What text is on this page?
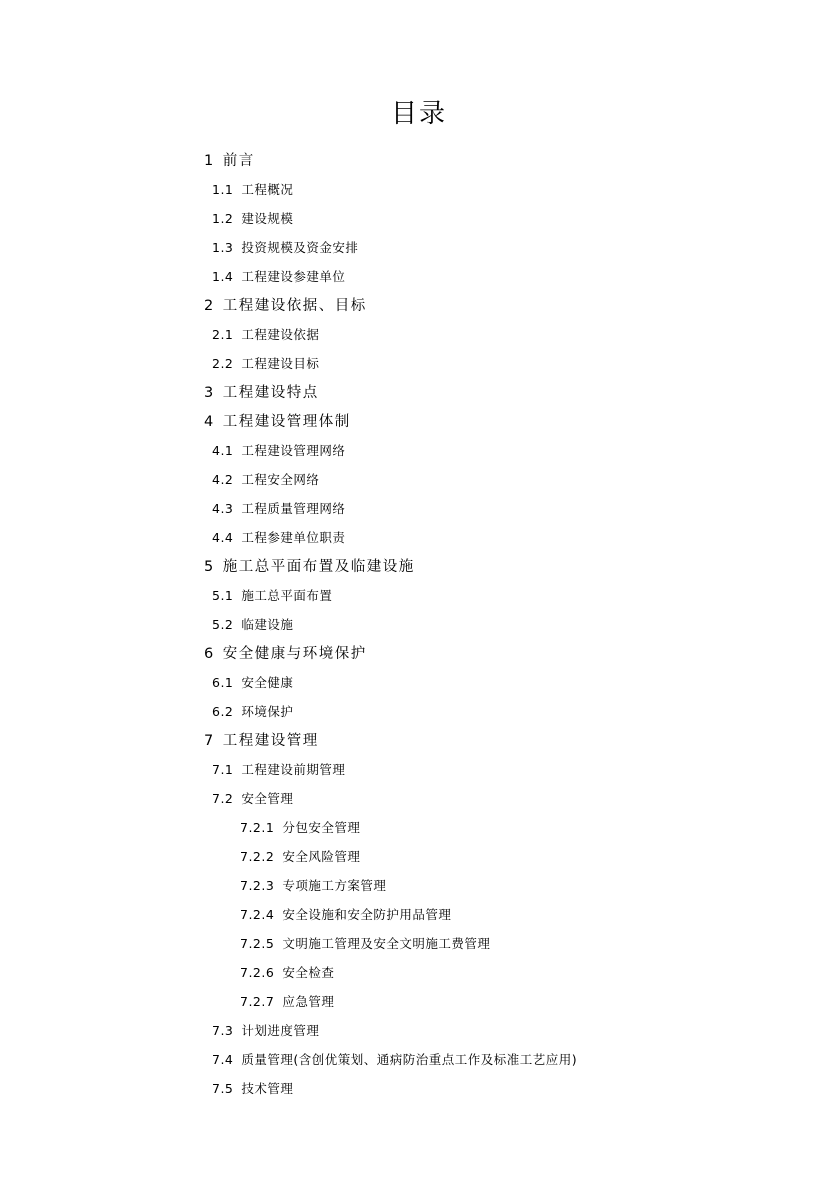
目录
1 前言
1.1 工程概况
1.2 建设规模
1.3 投资规模及资金安排
1.4 工程建设参建单位
2 工程建设依据、目标
2.1 工程建设依据
2.2 工程建设目标
3 工程建设特点
4 工程建设管理体制
4.1 工程建设管理网络
4.2 工程安全网络
4.3 工程质量管理网络
4.4 工程参建单位职责
5 施工总平面布置及临建设施
5.1 施工总平面布置
5.2 临建设施
6 安全健康与环境保护
6.1 安全健康
6.2 环境保护
7 工程建设管理
7.1 工程建设前期管理
7.2 安全管理
7.2.1 分包安全管理
7.2.2 安全风险管理
7.2.3 专项施工方案管理
7.2.4 安全设施和安全防护用品管理
7.2.5 文明施工管理及安全文明施工费管理
7.2.6 安全检查
7.2.7 应急管理
7.3 计划进度管理
7.4 质量管理(含创优策划、通病防治重点工作及标准工艺应用)
7.5 技术管理
